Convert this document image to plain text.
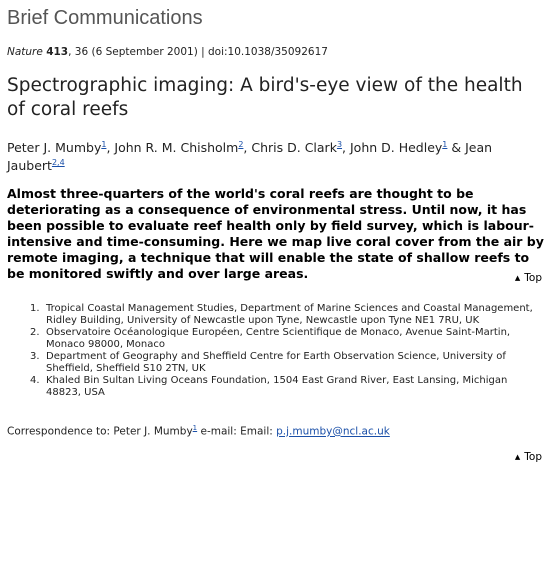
Brief Communications
Nature 413, 36 (6 September 2001) | doi:10.1038/35092617
Spectrographic imaging: A bird's-eye view of the health of coral reefs
Peter J. Mumby$^1$, John R. M. Chisholm$^2$, Chris D. Clark$^3$, John D. Hedley$^1$ & Jean Jaubert$^{2,4}$
Almost three-quarters of the world's coral reefs are thought to be deteriorating as a consequence of environmental stress. Until now, it has been possible to evaluate reef health only by field survey, which is labour-intensive and time-consuming. Here we map live coral cover from the air by remote imaging, a technique that will enable the state of shallow reefs to be monitored swiftly and over large areas.	▲ Top
1. Tropical Coastal Management Studies, Department of Marine Sciences and Coastal Management, Ridley Building, University of Newcastle upon Tyne, Newcastle upon Tyne NE1 7RU, UK
2. Observatoire Océanologique Européen, Centre Scientifique de Monaco, Avenue Saint-Martin, Monaco 98000, Monaco
3. Department of Geography and Sheffield Centre for Earth Observation Science, University of Sheffield, Sheffield S10 2TN, UK
4. Khaled Bin Sultan Living Oceans Foundation, 1504 East Grand River, East Lansing, Michigan 48823, USA
Correspondence to: Peter J. Mumby$^1$ e-mail: Email: p.j.mumby@ncl.ac.uk
▲ Top
